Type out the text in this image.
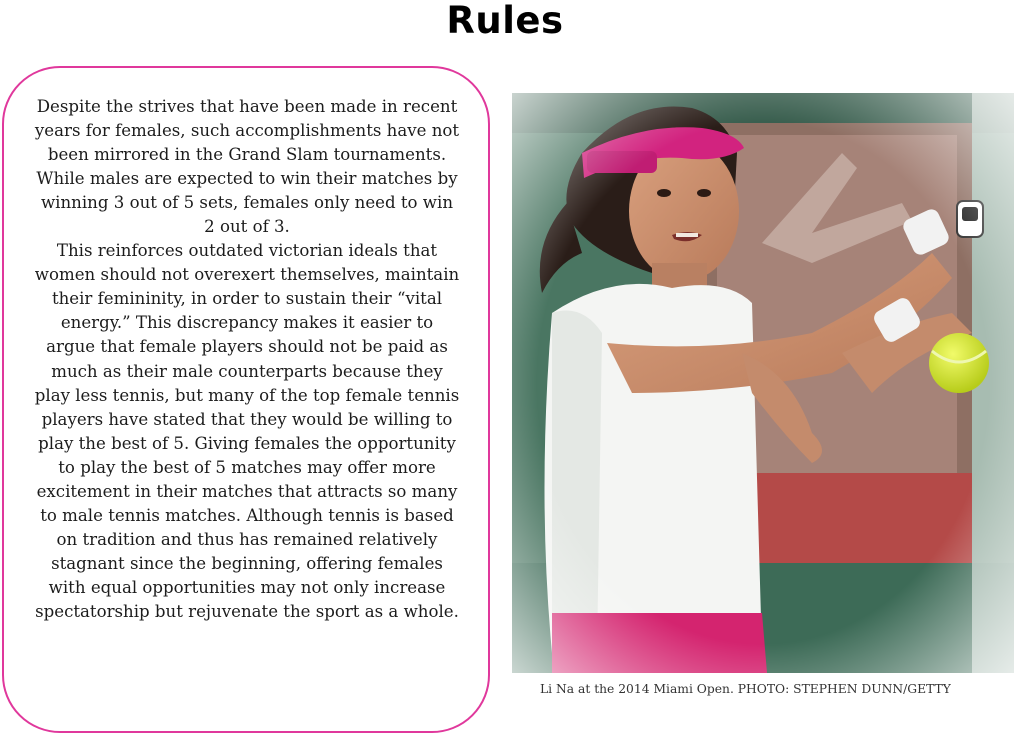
Rules

Despite the strives that have been made in recent years for females, such accomplishments have not been mirrored in the Grand Slam tournaments. While males are expected to win their matches by winning 3 out of 5 sets, females only need to win 2 out of 3.
This reinforces outdated victorian ideals that women should not overexert themselves, maintain their femininity, in order to sustain their “vital energy.” This discrepancy makes it easier to argue that female players should not be paid as much as their male counterparts because they play less tennis, but many of the top female tennis players have stated that they would be willing to play the best of 5. Giving females the opportunity to play the best of 5 matches may offer more excitement in their matches that attracts so many to male tennis matches. Although tennis is based on tradition and thus has remained relatively stagnant since the beginning, offering females with equal opportunities may not only increase spectatorship but rejuvenate the sport as a whole.

Li Na at the 2014 Miami Open. PHOTO: STEPHEN DUNN/GETTY
